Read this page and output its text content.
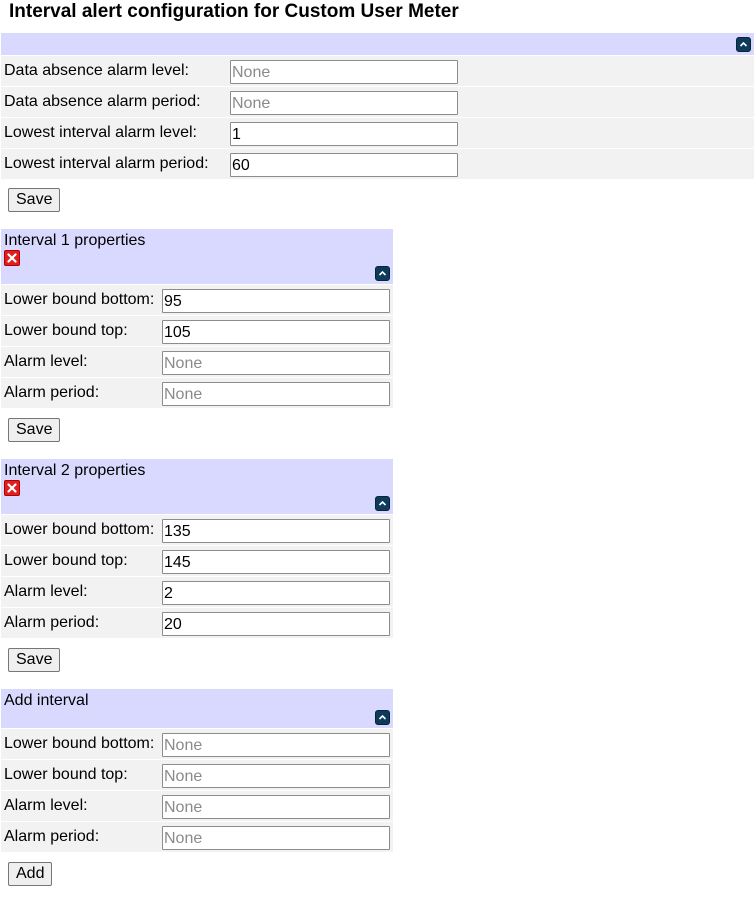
Interval alert configuration for Custom User Meter
Data absence alarm level:
None
Data absence alarm period:
None
Lowest interval alarm level:
1
Lowest interval alarm period:
60
Save
Interval 1 properties
Lower bound bottom:
95
Lower bound top:
105
Alarm level:
None
Alarm period:
None
Save
Interval 2 properties
Lower bound bottom:
135
Lower bound top:
145
Alarm level:
2
Alarm period:
20
Save
Add interval
Lower bound bottom:
None
Lower bound top:
None
Alarm level:
None
Alarm period:
None
Add
